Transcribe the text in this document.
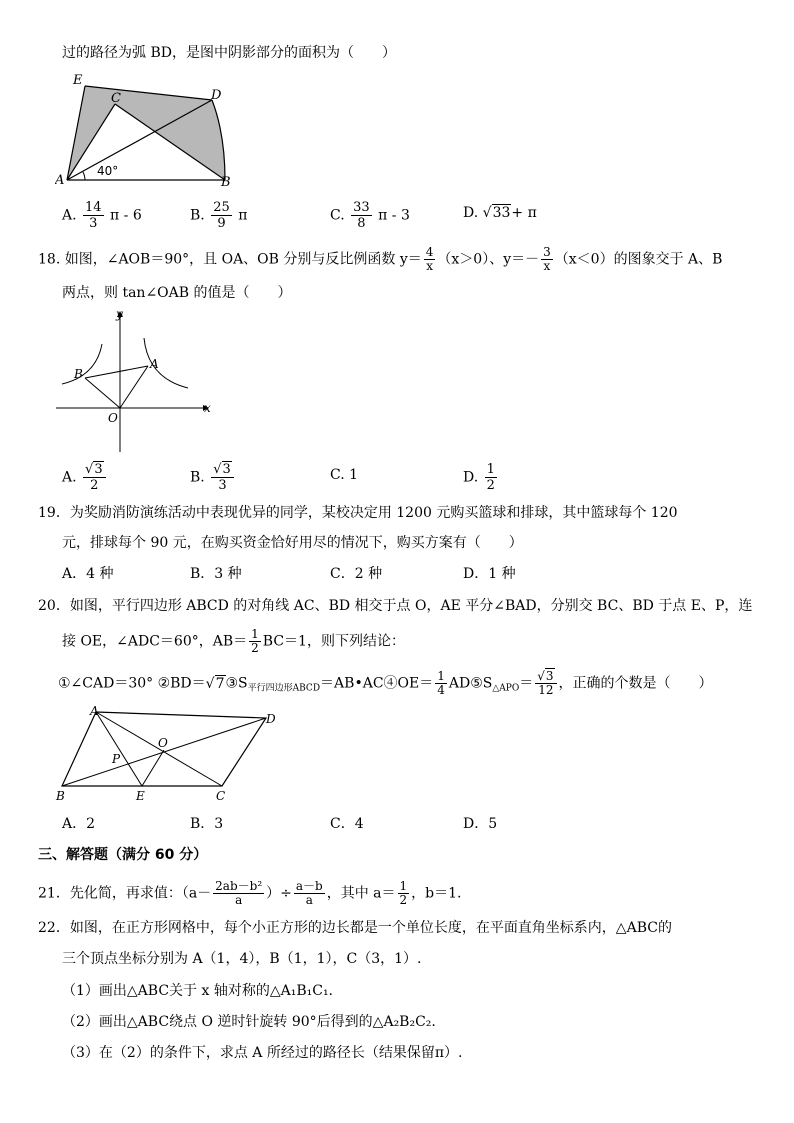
过的路径为弧 BD，是图中阴影部分的面积为（　　）
E
C	D
A	B
40°
A. $\frac{14}{3}$ π - 6	B. $\frac{25}{9}$ π	C. $\frac{33}{8}$ π - 3	D. √33+ π
18. 如图，∠AOB＝90°，且 OA、OB 分别与反比例函数 $y= \frac{4}{x} (x>0)$、$y=- \frac{3}{x} (x<0)$的图象交于 A、B
两点，则 tan∠OAB 的值是（　　）
y
x
O
A
B
A. $\frac{√3}{2}$	B. $\frac{√3}{3}$	C. 1	D. $\frac{1}{2}$
19．为奖励消防演练活动中表现优异的同学，某校决定用 1200 元购买篮球和排球，其中篮球每个 120
元，排球每个 90 元，在购买资金恰好用尽的情况下，购买方案有（　　）
A．4 种	B．3 种	C．2 种	D．1 种
20．如图，平行四边形 ABCD 的对角线 AC、BD 相交于点 O，AE 平分∠BAD，分别交 BC、BD 于点 E、P，连
接 OE，∠ADC＝60°，$AB= \frac{1}{2} BC=1$，则下列结论：
①∠CAD＝30° $②BD=√7③S_{平行四边形ABCD}=AB•AC④OE= \frac{1}{4}$ $AD⑤S_{\triangle APO}= \frac{√3}{12}$ ，正确的个数是（　　）
A
D
O
P
B	E	C
A．2	B．3	C．4	D．5
三、解答题（满分 60 分）
21．先化简，再求值：（$a- \frac{\text{2ab－b²}}{a}$ ）÷ $\frac{a-b}{a}$ ，其中 $a= \frac{1}{2}$ ，b＝1.
22．如图，在正方形网格中，每个小正方形的边长都是一个单位长度，在平面直角坐标系内，△ABC的
三个顶点坐标分别为 A（1，4），B（1，1），C（3，1）.
（1）画出△ABC关于 x 轴对称的△A₁B₁C₁.
（2）画出△ABC绕点 O 逆时针旋转 90°后得到的△A₂B₂C₂.
（3）在（2）的条件下，求点 A 所经过的路径长（结果保留π）.
